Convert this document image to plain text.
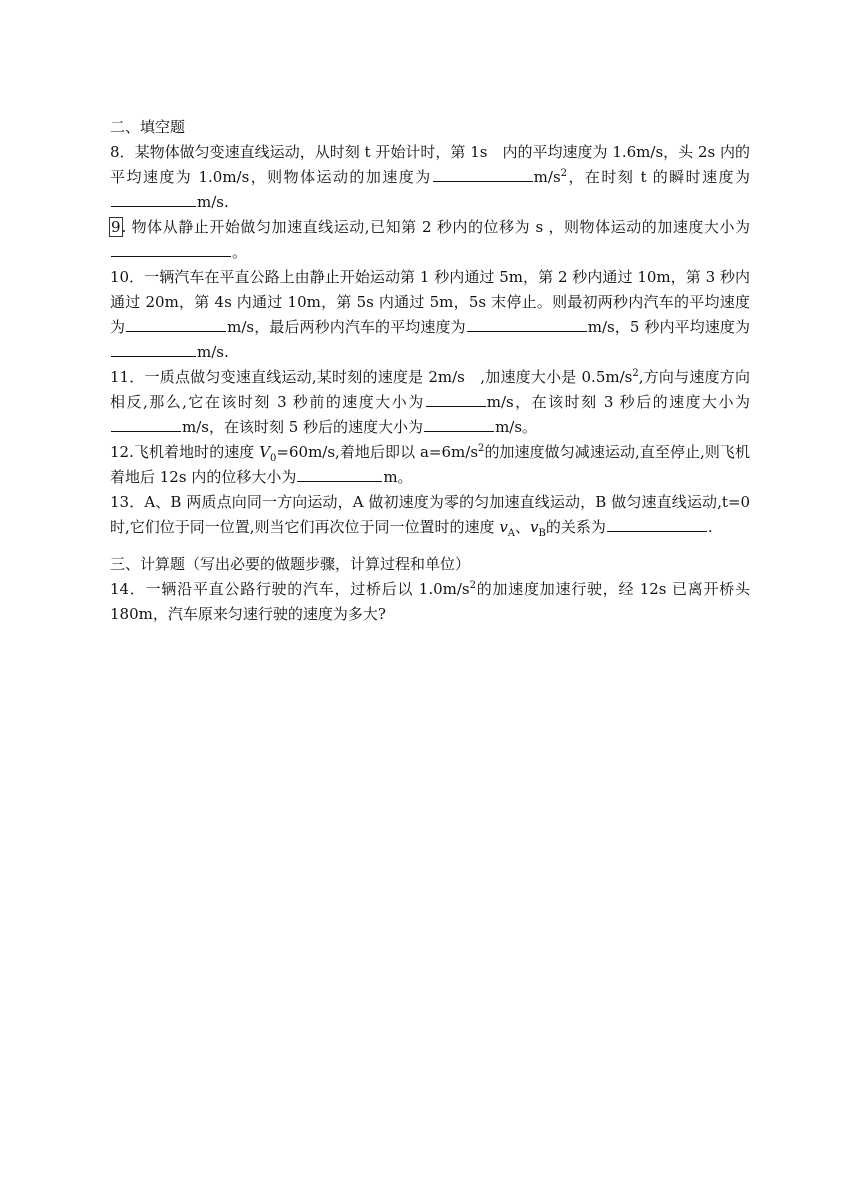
二、填空题

8．某物体做匀变速直线运动，从时刻 t 开始计时，第 1s　内的平均速度为 1.6m/s，头 2s 内的平均速度为 1.0m/s，则物体运动的加速度为	$m/s^2$，在时刻 t 的瞬时速度为m/s.

9. 物体从静止开始做匀加速直线运动,已知第 2 秒内的位移为 s ，则物体运动的加速度大小为。

10．一辆汽车在平直公路上由静止开始运动第 1 秒内通过 5m，第 2 秒内通过 10m，第 3 秒内通过 20m，第 4s 内通过 10m，第 5s 内通过 5m，5s 末停止。则最初两秒内汽车的平均速度为	m/s，最后两秒内汽车的平均速度为	m/s，5 秒内平均速度为m/s.

11．一质点做匀变速直线运动,某时刻的速度是 2m/s　,加速度大小是 $0.5m/s^2$,方向与速度方向相反,那么,它在该时刻 3 秒前的速度大小为	m/s，在该时刻 3 秒后的速度大小为m/s，在该时刻 5 秒后的速度大小为	m/s。

12.飞机着地时的速度 $V_0=60m/s$,着地后即以 $a=6m/s^2$的加速度做匀减速运动,直至停止,则飞机着地后 12s 内的位移大小为	m。

13．A、B 两质点向同一方向运动，A 做初速度为零的匀加速直线运动，B 做匀速直线运动,t=0 时,它们位于同一位置,则当它们再次位于同一位置时的速度 $v_A$、$v_B$的关系为	.

三、计算题（写出必要的做题步骤，计算过程和单位）

14．一辆沿平直公路行驶的汽车，过桥后以 $1.0m/s^2$的加速度加速行驶，经 12s 已离开桥头 180m，汽车原来匀速行驶的速度为多大?
